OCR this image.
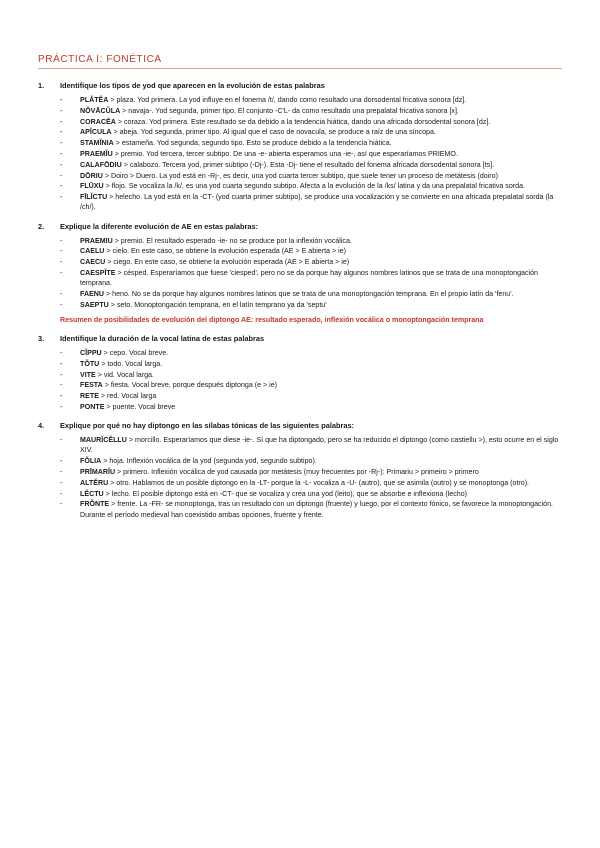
PRÁCTICA I: FONÉTICA
1.	Identifique los tipos de yod que aparecen en la evolución de estas palabras
-	PLĂTĔA > plaza. Yod primera. La yod influye en el fonema /t/, dando como resultado una dorsodental fricativa sonora [dz].
-	NŎVĀCŬLA > navaja-. Yod segunda, primer tipo. El conjunto -C'L- da como resultado una prepalatal fricativa sonora [x].
-	CORACĔA > coraza. Yod primera. Este resultado se da debido a la tendencia hiática, dando una africada dorsodental sonora [dz].
-	APĬCULA > abeja. Yod segunda, primer tipo. Al igual que el caso de novacula, se produce a raíz de una síncopa.
-	STAMĬNIA > estameña. Yod segunda, segundo tipo. Esto se produce debido a la tendencia hiática.
-	PRAEMĬU > premio. Yod tercera, tercer subtipo. De una -e- abierta esperamos una -ie-, así que esperaríamos PRIEMO.
-	CALAFŌDIU > calabozo. Tercera yod, primer subtipo (-Dj-). Esta -Dj- tiene el resultado del fonema africada dorsodental sonora [ts].
-	DŌRIU > Doiro > Duero. La yod está en -Rj-, es decir, una yod cuarta tercer subtipo, que suele tener un proceso de metátesis (doiro)
-	FLŪXU > flojo. Se vocaliza la /k/, es una yod cuarta segundo subtipo. Afecta a la evolución de la /ks/ latina y da una prepalatal fricativa sorda.
-	FĪLĬCTU > helecho. La yod está en la -CT- (yod cuarta primer subtipo), se produce una vocalización y se convierte en una africada prepalatal sorda (la /ch/).
2.	Explique la diferente evolución de AE en estas palabras:
-	PRAEMIU > premio. El resultado esperado -ie- no se produce por la inflexión vocálica.
-	CAELU > cielo. En este caso, se obtiene la evolución esperada (AE > E abierta > ie)
-	CAECU > ciego. En este caso, se obtiene la evolución esperada (AE > E abierta > ie)
-	CAESPĬTE > césped. Esperaríamos que fuese 'ciesped', pero no se da porque hay algunos nombres latinos que se trata de una monoptongación temprana.
-	FAENU > heno. No se da porque hay algunos nombres latinos que se trata de una monoptongación temprana. En el propio latín da 'fenu'.
-	SAEPTU > seto. Monoptongación temprana, en el latín temprano ya da 'septu'
Resumen de posibilidades de evolución del diptongo AE: resultado esperado, inflexión vocálica o monoptongación temprana
3.	Identifique la duración de la vocal latina de estas palabras
-	CĬPPU > cepo. Vocal breve.
-	TŎTU > todo. Vocal larga.
-	VITE > vid. Vocal larga.
-	FESTA > fiesta. Vocal breve, porque después diptonga (e > ie)
-	RETE > red. Vocal larga
-	PONTE > puente. Vocal breve
4.	Explique por qué no hay diptongo en las sílabas tónicas de las siguientes palabras:
-	MAURĬCĔLLU > morcillo. Esperaríamos que diese -ie-. Sí que ha diptongado, pero se ha reducido el diptongo (como castiellu >), esto ocurre en el siglo XIV.
-	FŎLIA > hoja. Inflexión vocálica de la yod (segunda yod, segundo subtipo).
-	PRĪMARĬU > primero. Inflexión vocálica de yod causada por metátesis (muy frecuentes por -Rj-): Primariu > primeiro > primero
-	ALTĔRU > otro. Hablamos de un posible diptongo en la -LT- porque la -L- vocaliza a -U- (autro), que se asimila (outro) y se monoptonga (otro).
-	LĔCTU > lecho. El posible diptongo está en -CT- que se vocaliza y crea una yod (leito), que se absorbe e inflexiona (lecho)
-	FRŎNTE > frente. La -FR- se monoptonga, tras un resultado con un diptongo (fruente) y luego, por el contexto fónico, se favorece la monoptongación. Durante el período medieval han coexistido ambas opciones, fruente y frente.
